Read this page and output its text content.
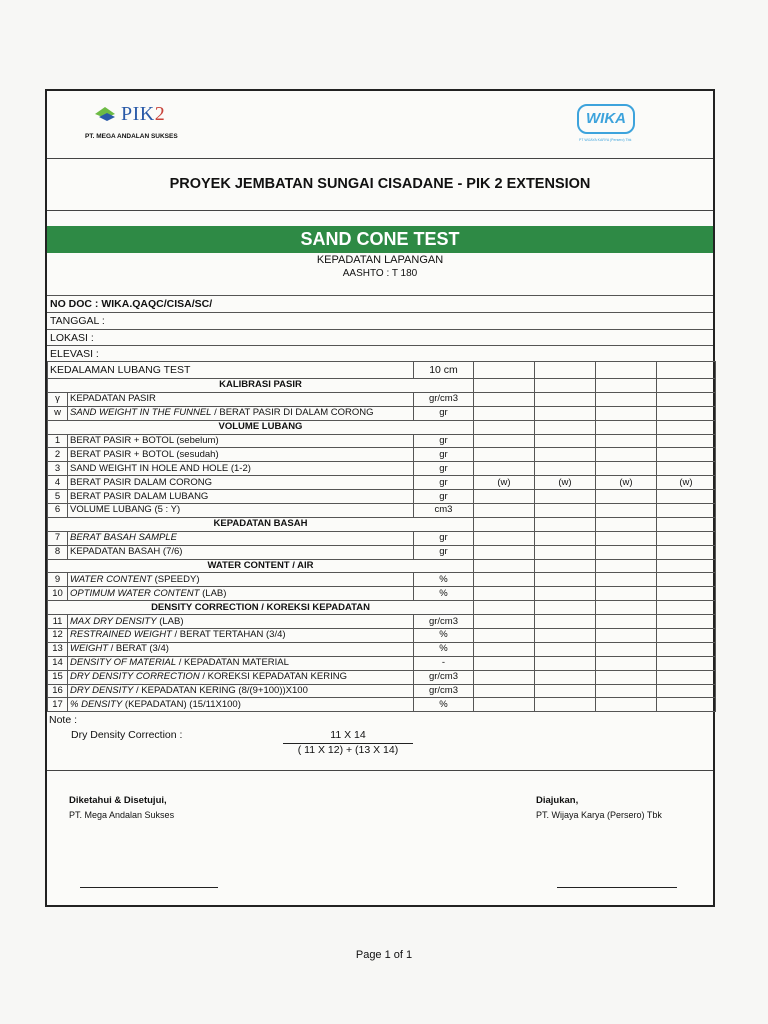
PIK2
PT. MEGA ANDALAN SUKSES
WIKA
PT WIJAYA KARYA (Persero) Tbk
PROYEK JEMBATAN SUNGAI CISADANE - PIK 2 EXTENSION
SAND CONE TEST
KEPADATAN LAPANGAN
AASHTO : T 180
NO DOC : WIKA.QAQC/CISA/SC/
TANGGAL :
LOKASI :
ELEVASI :
KEDALAMAN LUBANG TEST		10 cm				
KALIBRASI PASIR						
γ	KEPADATAN PASIR	gr/cm3				
w	SAND WEIGHT IN THE FUNNEL / BERAT PASIR DI DALAM CORONG	gr				
VOLUME LUBANG						
1	BERAT PASIR + BOTOL (sebelum)	gr				
2	BERAT PASIR + BOTOL (sesudah)	gr				
3	SAND WEIGHT IN HOLE AND HOLE (1-2)	gr				
4	BERAT PASIR DALAM CORONG	gr	(w)	(w)	(w)	(w)
5	BERAT PASIR DALAM LUBANG	gr				
6	VOLUME LUBANG (5 : Y)	cm3				
KEPADATAN BASAH						
7	BERAT BASAH SAMPLE	gr				
8	KEPADATAN BASAH (7/6)	gr				
WATER CONTENT / AIR						
9	WATER CONTENT (SPEEDY)	%				
10	OPTIMUM WATER CONTENT (LAB)	%				
DENSITY CORRECTION / KOREKSI KEPADATAN						
11	MAX DRY DENSITY (LAB)	gr/cm3				
12	RESTRAINED WEIGHT / BERAT TERTAHAN (3/4)	%				
13	WEIGHT / BERAT (3/4)	%				
14	DENSITY OF MATERIAL / KEPADATAN MATERIAL	-				
15	DRY DENSITY CORRECTION / KOREKSI KEPADATAN KERING	gr/cm3				
16	DRY DENSITY / KEPADATAN KERING (8/(9+100))X100	gr/cm3				
17	% DENSITY (KEPADATAN) (15/11X100)	%				
Note :
Dry Density Correction :	11 X 14
( 11 X 12) + (13 X 14)
Diketahui & Disetujui,
PT. Mega Andalan Sukses
Diajukan,
PT. Wijaya Karya (Persero) Tbk
Page 1 of 1
